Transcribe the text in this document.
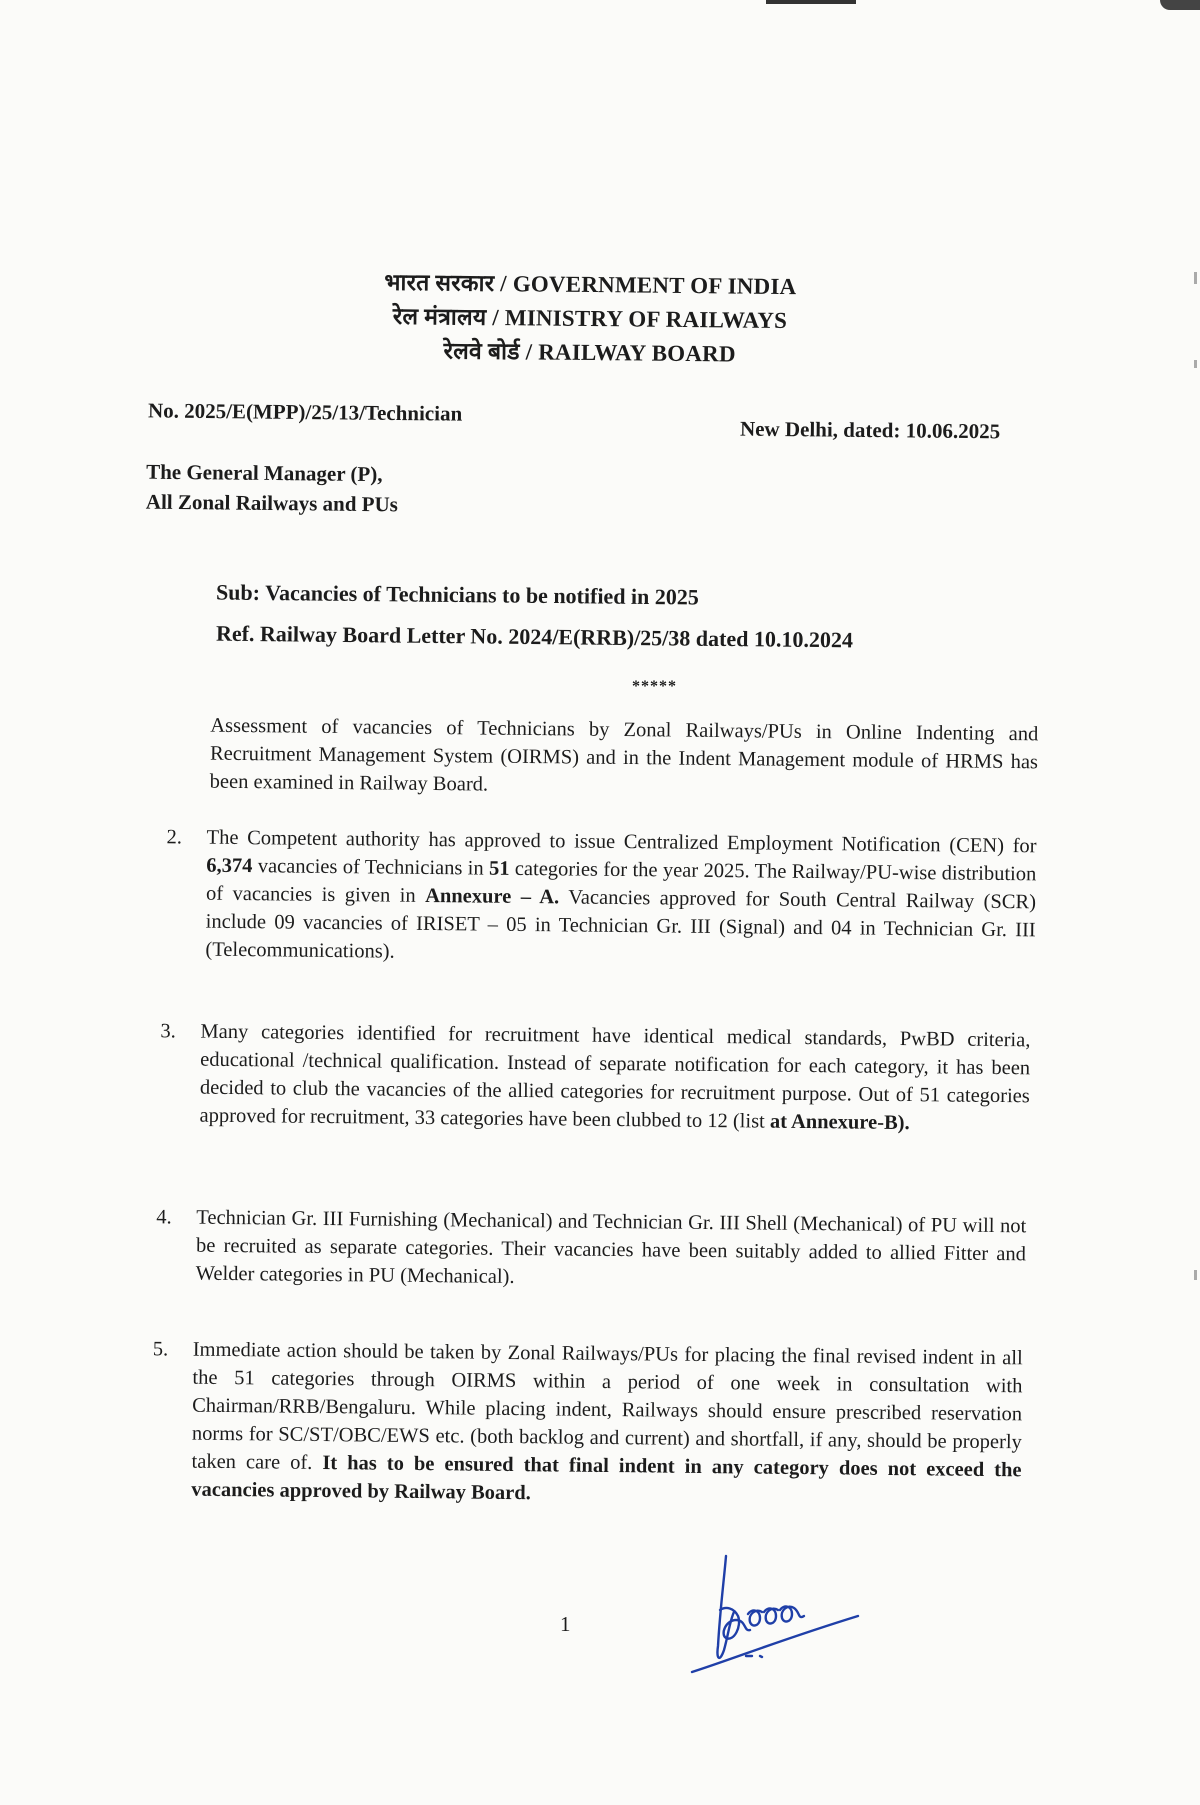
भारत सरकार / GOVERNMENT OF INDIA
रेल मंत्रालय / MINISTRY OF RAILWAYS
रेलवे बोर्ड / RAILWAY BOARD
No. 2025/E(MPP)/25/13/Technician
New Delhi, dated: 10.06.2025
The General Manager (P),
All Zonal Railways and PUs
Sub: Vacancies of Technicians to be notified in 2025
Ref. Railway Board Letter No. 2024/E(RRB)/25/38 dated 10.10.2024
*****
Assessment of vacancies of Technicians by Zonal Railways/PUs in Online Indenting and Recruitment Management System (OIRMS) and in the Indent Management module of HRMS has been examined in Railway Board.
2. The Competent authority has approved to issue Centralized Employment Notification (CEN) for 6,374 vacancies of Technicians in 51 categories for the year 2025. The Railway/PU-wise distribution of vacancies is given in Annexure – A. Vacancies approved for South Central Railway (SCR) include 09 vacancies of IRISET – 05 in Technician Gr. III (Signal) and 04 in Technician Gr. III (Telecommunications).
3. Many categories identified for recruitment have identical medical standards, PwBD criteria, educational /technical qualification. Instead of separate notification for each category, it has been decided to club the vacancies of the allied categories for recruitment purpose. Out of 51 categories approved for recruitment, 33 categories have been clubbed to 12 (list at Annexure-B).
4. Technician Gr. III Furnishing (Mechanical) and Technician Gr. III Shell (Mechanical) of PU will not be recruited as separate categories. Their vacancies have been suitably added to allied Fitter and Welder categories in PU (Mechanical).
5. Immediate action should be taken by Zonal Railways/PUs for placing the final revised indent in all the 51 categories through OIRMS within a period of one week in consultation with Chairman/RRB/Bengaluru. While placing indent, Railways should ensure prescribed reservation norms for SC/ST/OBC/EWS etc. (both backlog and current) and shortfall, if any, should be properly taken care of. It has to be ensured that final indent in any category does not exceed the vacancies approved by Railway Board.
1
